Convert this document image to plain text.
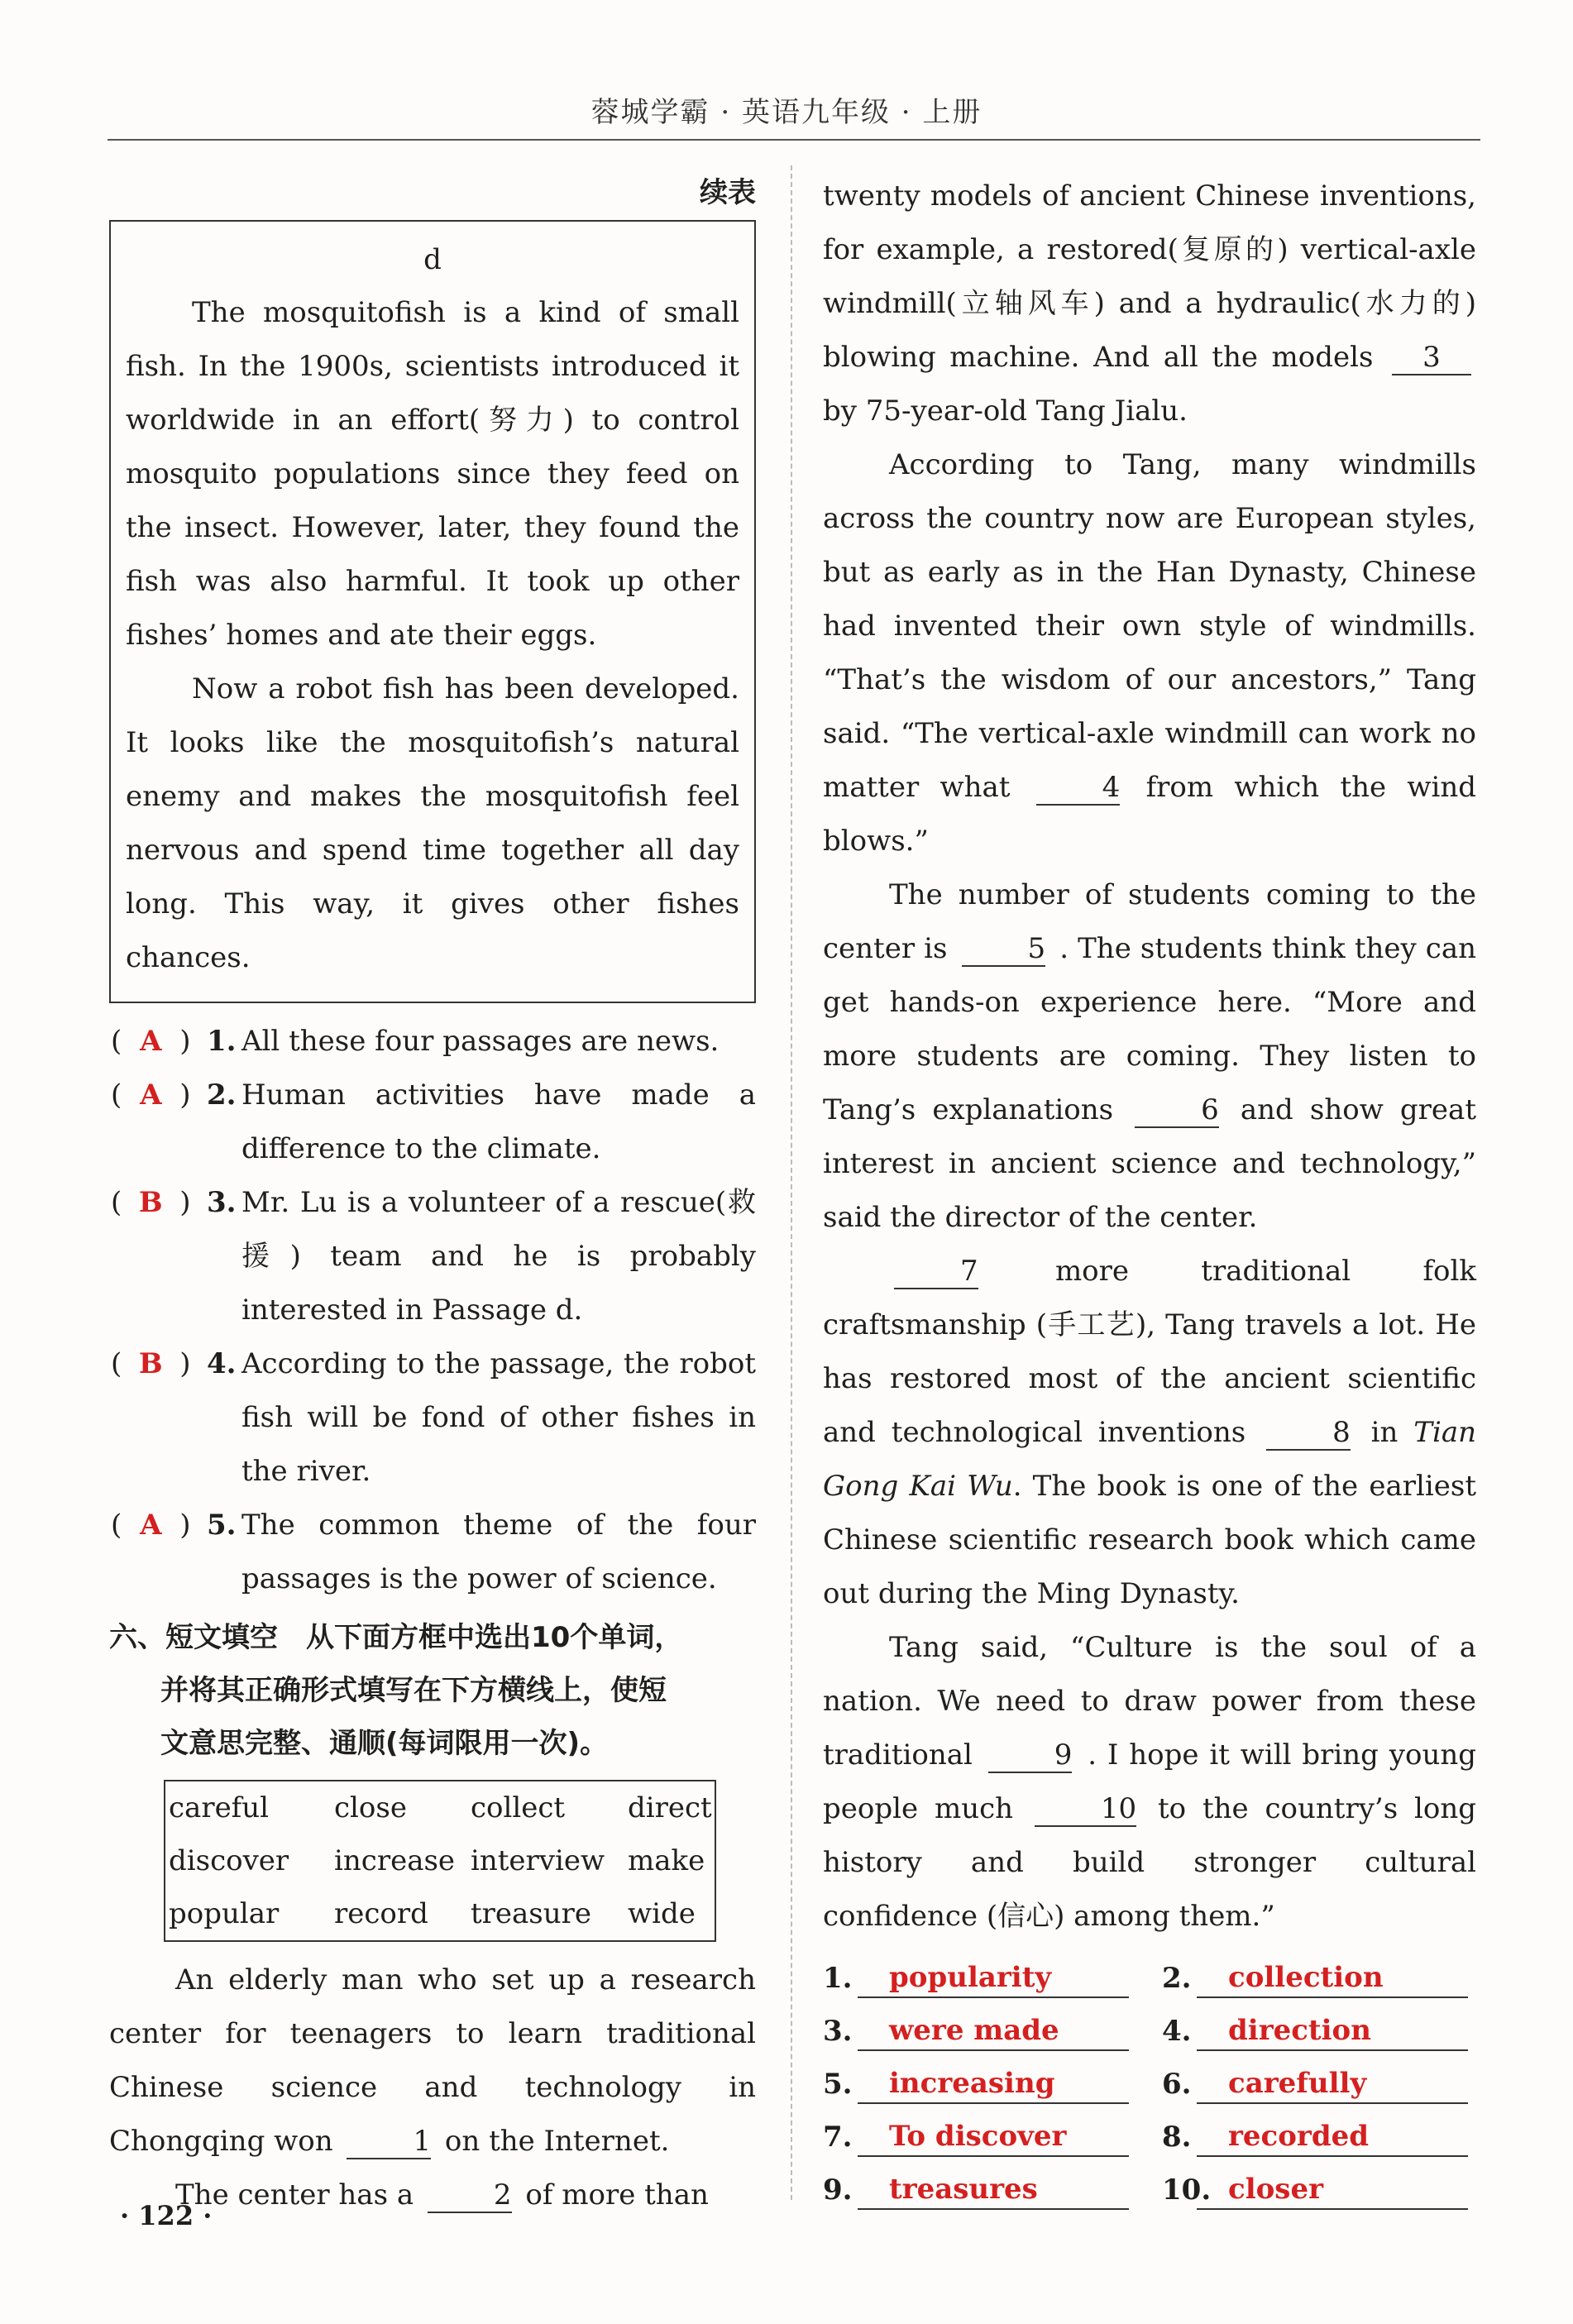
蓉城学霸 · 英语九年级 · 上册
续表
d

The mosquitofish is a kind of small fish. In the 1900s, scientists introduced it worldwide in an effort(努力) to control mosquito populations since they feed on the insect. However, later, they found the fish was also harmful. It took up other fishes’ homes and ate their eggs.

Now a robot fish has been developed. It looks like the mosquitofish’s natural enemy and makes the mosquitofish feel nervous and spend time together all day long. This way, it gives other fishes chances.

( A ) 1. All these four passages are news.

( A ) 2. Human activities have made a difference to the climate.

( B ) 3. Mr. Lu is a volunteer of a rescue(救援) team and he is probably interested in Passage d.

( B ) 4. According to the passage, the robot fish will be fond of other fishes in the river.

( A ) 5. The common theme of the four passages is the power of science.

六、短文填空　从下面方框中选出10个单词，
并将其正确形式填写在下方横线上，使短
文意思完整、通顺(每词限用一次)。
careful	close	collect	direct
discover	increase interview make
popular	record	treasure	wide

An elderly man who set up a research center for teenagers to learn traditional Chinese science and technology in Chongqing won	1 on the Internet.

The center has a	2 of more than

twenty models of ancient Chinese inventions, for example, a restored(复原的) vertical-axle windmill(立轴风车) and a hydraulic(水力的) blowing machine. And all the models 3 by 75-year-old Tang Jialu.

According to Tang, many windmills across the country now are European styles, but as early as in the Han Dynasty, Chinese had invented their own style of windmills. “That’s the wisdom of our ancestors,” Tang said. “The vertical-axle windmill can work no matter what	4 from which the wind blows.”

The number of students coming to the center is	5 . The students think they can get hands-on experience here. “More and more students are coming. They listen to Tang’s explanations	6 and show great interest in ancient science and technology,” said the director of the center.

7	more traditional folk craftsmanship (手工艺), Tang travels a lot. He has restored most of the ancient scientific and technological inventions	8 in Tian Gong Kai Wu. The book is one of the earliest Chinese scientific research book which came out during the Ming Dynasty.

Tang said, “Culture is the soul of a nation. We need to draw power from these traditional	9 . I hope it will bring young people much	10 to the country’s long history and build stronger cultural confidence (信心) among them.”

1.	popularity	2.	collection
3.	were made	4.	direction
5.	increasing	6.	carefully
7.	To discover	8.	recorded
9.	treasures	10. closer
· 122 ·
